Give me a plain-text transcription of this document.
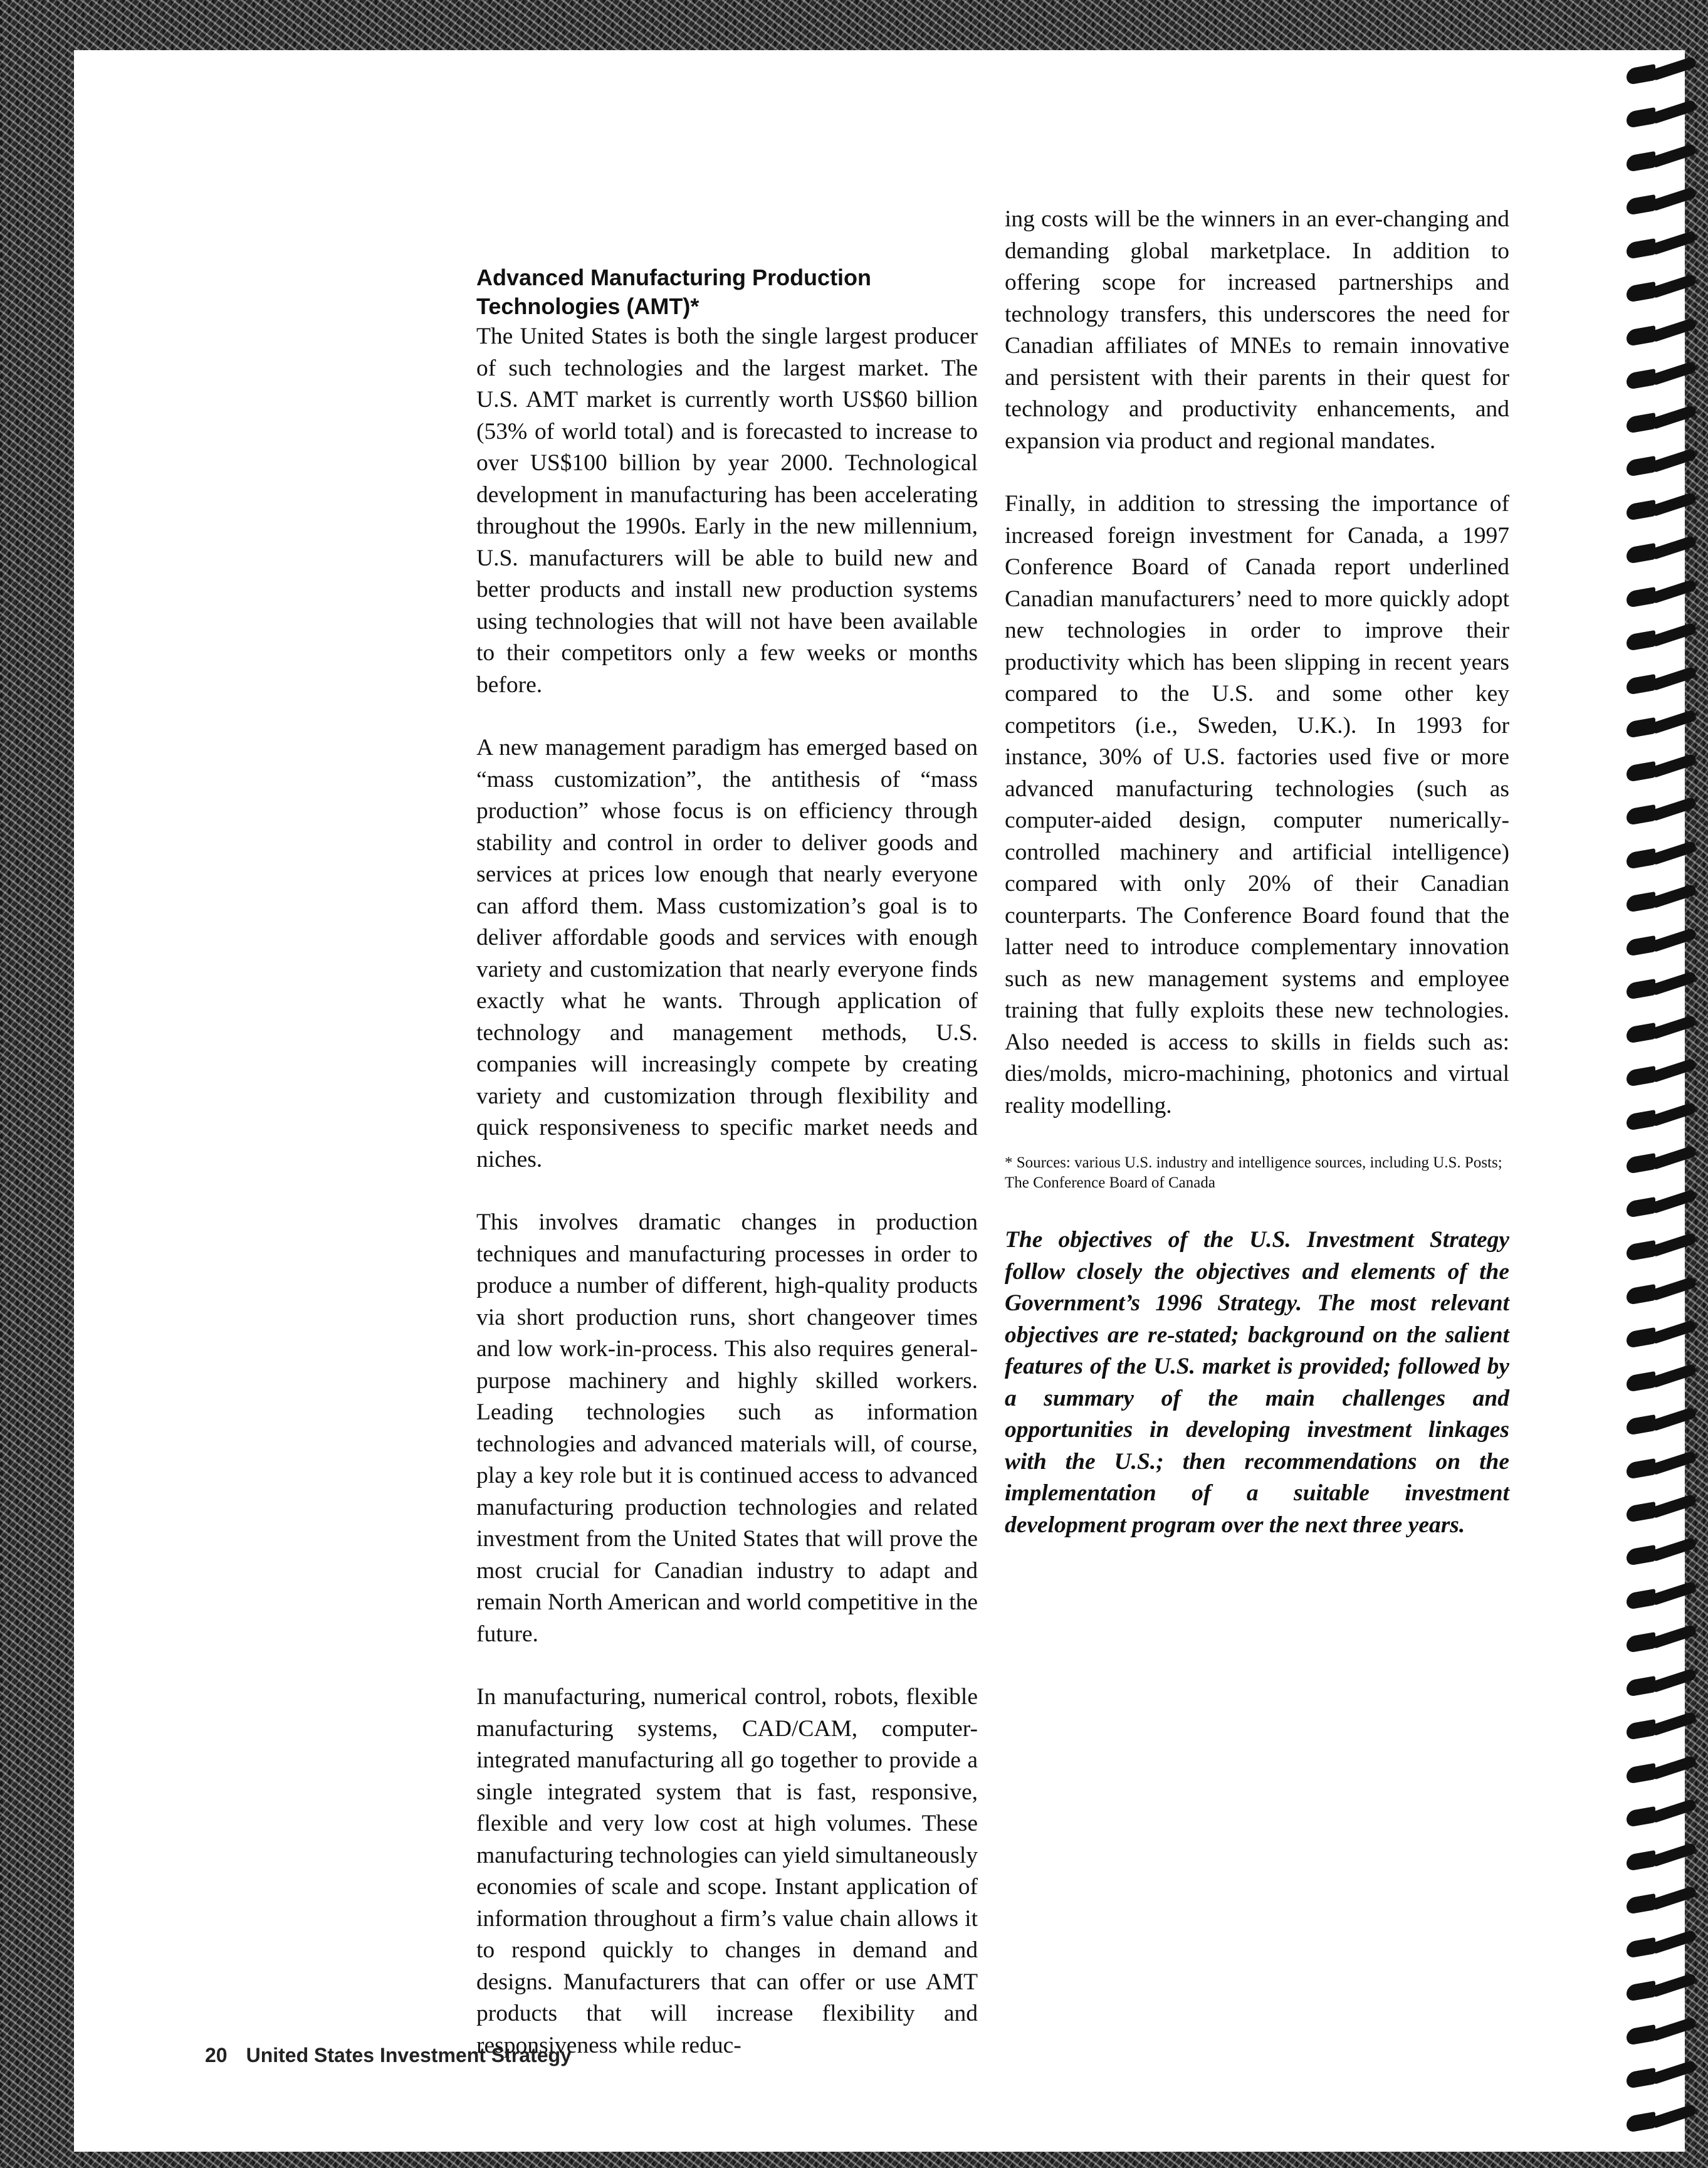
Advanced Manufacturing Production Technologies (AMT)*

The United States is both the single largest producer of such technologies and the largest market. The U.S. AMT market is currently worth US$60 billion (53% of world total) and is forecasted to increase to over US$100 billion by year 2000. Technological development in manufacturing has been accelerating throughout the 1990s. Early in the new millennium, U.S. manufacturers will be able to build new and better products and install new production systems using technologies that will not have been available to their competitors only a few weeks or months before.

A new management paradigm has emerged based on “mass customization”, the antithesis of “mass production” whose focus is on efficiency through stability and control in order to deliver goods and services at prices low enough that nearly everyone can afford them. Mass customization’s goal is to deliver affordable goods and services with enough variety and customization that nearly everyone finds exactly what he wants. Through application of technology and management methods, U.S. companies will increasingly compete by creating variety and customization through flexibility and quick responsiveness to specific market needs and niches.

This involves dramatic changes in production techniques and manufacturing processes in order to produce a number of different, high-quality products via short production runs, short changeover times and low work-in-process. This also requires general-purpose machinery and highly skilled workers. Leading technologies such as information technologies and advanced materials will, of course, play a key role but it is continued access to advanced manufacturing production technologies and related investment from the United States that will prove the most crucial for Canadian industry to adapt and remain North American and world competitive in the future.

In manufacturing, numerical control, robots, flexible manufacturing systems, CAD/CAM, computer-integrated manufacturing all go together to provide a single integrated system that is fast, responsive, flexible and very low cost at high volumes. These manufacturing technologies can yield simultaneously economies of scale and scope. Instant application of information throughout a firm’s value chain allows it to respond quickly to changes in demand and designs. Manufacturers that can offer or use AMT products that will increase flexibility and responsiveness while reduc-

ing costs will be the winners in an ever-changing and demanding global marketplace. In addition to offering scope for increased partnerships and technology transfers, this underscores the need for Canadian affiliates of MNEs to remain innovative and persistent with their parents in their quest for technology and productivity enhancements, and expansion via product and regional mandates.

Finally, in addition to stressing the importance of increased foreign investment for Canada, a 1997 Conference Board of Canada report underlined Canadian manufacturers’ need to more quickly adopt new technologies in order to improve their productivity which has been slipping in recent years compared to the U.S. and some other key competitors (i.e., Sweden, U.K.). In 1993 for instance, 30% of U.S. factories used five or more advanced manufacturing technologies (such as computer-aided design, computer numerically-controlled machinery and artificial intelligence) compared with only 20% of their Canadian counterparts. The Conference Board found that the latter need to introduce complementary innovation such as new management systems and employee training that fully exploits these new technologies. Also needed is access to skills in fields such as: dies/molds, micro-machining, photonics and virtual reality modelling.

* Sources: various U.S. industry and intelligence sources, including U.S. Posts; The Conference Board of Canada

The objectives of the U.S. Investment Strategy follow closely the objectives and elements of the Government’s 1996 Strategy. The most relevant objectives are re-stated; background on the salient features of the U.S. market is provided; followed by a summary of the main challenges and opportunities in developing investment linkages with the U.S.; then recommendations on the implementation of a suitable investment development program over the next three years.

20 United States Investment Strategy
